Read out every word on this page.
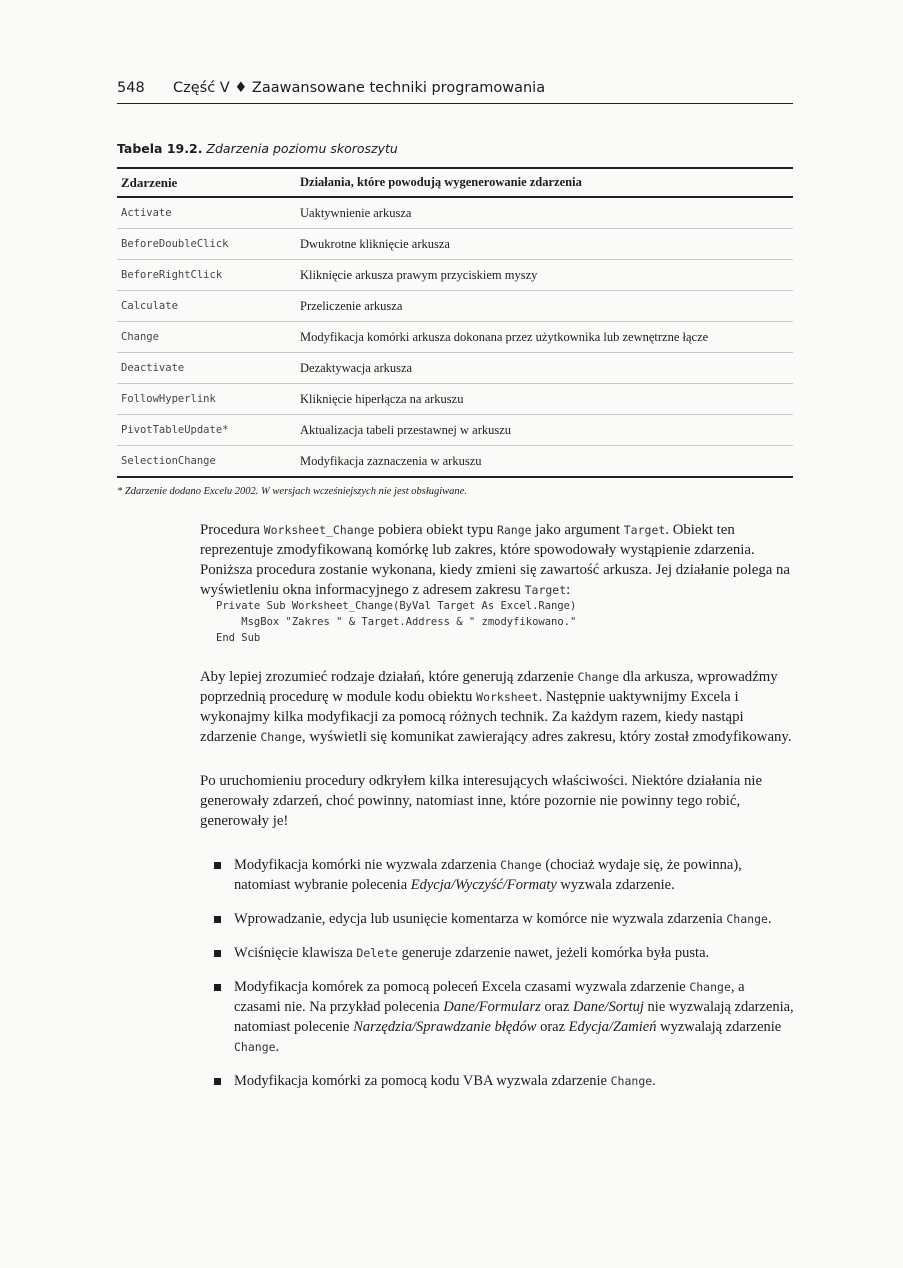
548	Część V ♦ Zaawansowane techniki programowania
Tabela 19.2. Zdarzenia poziomu skoroszytu
Zdarzenie	Działania, które powodują wygenerowanie zdarzenia
Activate	Uaktywnienie arkusza
BeforeDoubleClick	Dwukrotne kliknięcie arkusza
BeforeRightClick	Kliknięcie arkusza prawym przyciskiem myszy
Calculate	Przeliczenie arkusza
Change	Modyfikacja komórki arkusza dokonana przez użytkownika lub zewnętrzne łącze
Deactivate	Dezaktywacja arkusza
FollowHyperlink	Kliknięcie hiperłącza na arkuszu
PivotTableUpdate*	Aktualizacja tabeli przestawnej w arkuszu
SelectionChange	Modyfikacja zaznaczenia w arkuszu
* Zdarzenie dodano Excelu 2002. W wersjach wcześniejszych nie jest obsługiwane.
Procedura Worksheet_Change pobiera obiekt typu Range jako argument Target. Obiekt ten reprezentuje zmodyfikowaną komórkę lub zakres, które spowodowały wystąpienie zdarzenia. Poniższa procedura zostanie wykonana, kiedy zmieni się zawartość arkusza. Jej działanie polega na wyświetleniu okna informacyjnego z adresem zakresu Target:
Private Sub Worksheet_Change(ByVal Target As Excel.Range)
MsgBox "Zakres " & Target.Address & " zmodyfikowano."
End Sub
Aby lepiej zrozumieć rodzaje działań, które generują zdarzenie Change dla arkusza, wprowadźmy poprzednią procedurę w module kodu obiektu Worksheet. Następnie uaktywnijmy Excela i wykonajmy kilka modyfikacji za pomocą różnych technik. Za każdym razem, kiedy nastąpi zdarzenie Change, wyświetli się komunikat zawierający adres zakresu, który został zmodyfikowany.
Po uruchomieniu procedury odkryłem kilka interesujących właściwości. Niektóre działania nie generowały zdarzeń, choć powinny, natomiast inne, które pozornie nie powinny tego robić, generowały je!
Modyfikacja komórki nie wyzwala zdarzenia Change (chociaż wydaje się, że powinna), natomiast wybranie polecenia Edycja/Wyczyść/Formaty wyzwala zdarzenie.
Wprowadzanie, edycja lub usunięcie komentarza w komórce nie wyzwala zdarzenia Change.
Wciśnięcie klawisza Delete generuje zdarzenie nawet, jeżeli komórka była pusta.
Modyfikacja komórek za pomocą poleceń Excela czasami wyzwala zdarzenie Change, a czasami nie. Na przykład polecenia Dane/Formularz oraz Dane/Sortuj nie wyzwalają zdarzenia, natomiast polecenie Narzędzia/Sprawdzanie błędów oraz Edycja/Zamień wyzwalają zdarzenie Change.
Modyfikacja komórki za pomocą kodu VBA wyzwala zdarzenie Change.
